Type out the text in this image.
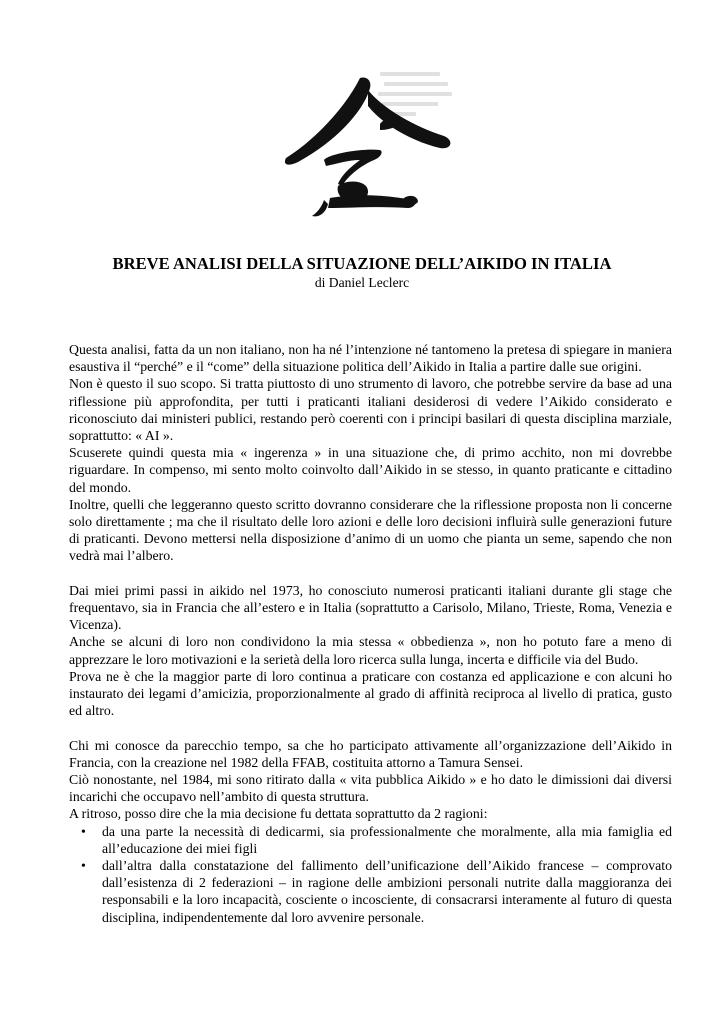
BREVE ANALISI DELLA SITUAZIONE DELL’AIKIDO IN ITALIA
di Daniel Leclerc

Questa analisi, fatta da un non italiano, non ha né l’intenzione né tantomeno la pretesa di spiegare in maniera esaustiva il “perché” e il “come” della situazione politica dell’Aikido in Italia a partire dalle sue origini.

Non è questo il suo scopo. Si tratta piuttosto di uno strumento di lavoro, che potrebbe servire da base ad una riflessione più approfondita, per tutti i praticanti italiani desiderosi di vedere l’Aikido considerato e riconosciuto dai ministeri publici, restando però coerenti con i principi basilari di questa disciplina marziale, soprattutto: « AI ».

Scuserete quindi questa mia « ingerenza » in una situazione che, di primo acchito, non mi dovrebbe riguardare. In compenso, mi sento molto coinvolto dall’Aikido in se stesso, in quanto praticante e cittadino del mondo.

Inoltre, quelli che leggeranno questo scritto dovranno considerare che la riflessione proposta non li concerne solo direttamente ; ma che il risultato delle loro azioni e delle loro decisioni influirà sulle generazioni future di praticanti. Devono mettersi nella disposizione d’animo di un uomo che pianta un seme, sapendo che non vedrà mai l’albero.

Dai miei primi passi in aikido nel 1973, ho conosciuto numerosi praticanti italiani durante gli stage che frequentavo, sia in Francia che all’estero e in Italia (soprattutto a Carisolo, Milano, Trieste, Roma, Venezia e Vicenza).

Anche se alcuni di loro non condividono la mia stessa « obbedienza », non ho potuto fare a meno di apprezzare le loro motivazioni e la serietà della loro ricerca sulla lunga, incerta e difficile via del Budo.

Prova ne è che la maggior parte di loro continua a praticare con costanza ed applicazione e con alcuni ho instaurato dei legami d’amicizia, proporzionalmente al grado di affinità reciproca al livello di pratica, gusto ed altro.

Chi mi conosce da parecchio tempo, sa che ho participato attivamente all’organizzazione dell’Aikido in Francia, con la creazione nel 1982 della FFAB, costituita attorno a Tamura Sensei.

Ciò nonostante, nel 1984, mi sono ritirato dalla « vita pubblica Aikido » e ho dato le dimissioni dai diversi incarichi che occupavo nell’ambito di questa struttura.

A ritroso, posso dire che la mia decisione fu dettata soprattutto da 2 ragioni:

• da una parte la necessità di dedicarmi, sia professionalmente che moralmente, alla mia famiglia ed all’educazione dei miei figli
• dall’altra dalla constatazione del fallimento dell’unificazione dell’Aikido francese – comprovato dall’esistenza di 2 federazioni – in ragione delle ambizioni personali nutrite dalla maggioranza dei responsabili e la loro incapacità, cosciente o incosciente, di consacrarsi interamente al futuro di questa disciplina, indipendentemente dal loro avvenire personale.
